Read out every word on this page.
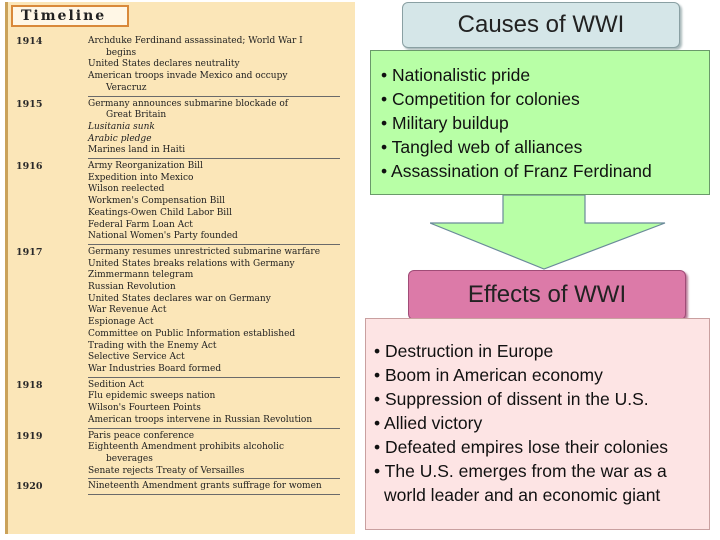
Timeline
1914	Archduke Ferdinand assassinated; World War I
begins
United States declares neutrality
American troops invade Mexico and occupy
Veracruz
1915	Germany announces submarine blockade of
Great Britain
Lusitania sunk
Arabic pledge
Marines land in Haiti
1916	Army Reorganization Bill
Expedition into Mexico
Wilson reelected
Workmen's Compensation Bill
Keatings-Owen Child Labor Bill
Federal Farm Loan Act
National Women's Party founded
1917	Germany resumes unrestricted submarine warfare
United States breaks relations with Germany
Zimmermann telegram
Russian Revolution
United States declares war on Germany
War Revenue Act
Espionage Act
Committee on Public Information established
Trading with the Enemy Act
Selective Service Act
War Industries Board formed
1918	Sedition Act
Flu epidemic sweeps nation
Wilson's Fourteen Points
American troops intervene in Russian Revolution
1919	Paris peace conference
Eighteenth Amendment prohibits alcoholic
beverages
Senate rejects Treaty of Versailles
1920	Nineteenth Amendment grants suffrage for women
Causes of WWI
• Nationalistic pride
• Competition for colonies
• Military buildup
• Tangled web of alliances
• Assassination of Franz Ferdinand
Effects of WWI
• Destruction in Europe
• Boom in American economy
• Suppression of dissent in the U.S.
• Allied victory
• Defeated empires lose their colonies
• The U.S. emerges from the war as a
world leader and an economic giant
